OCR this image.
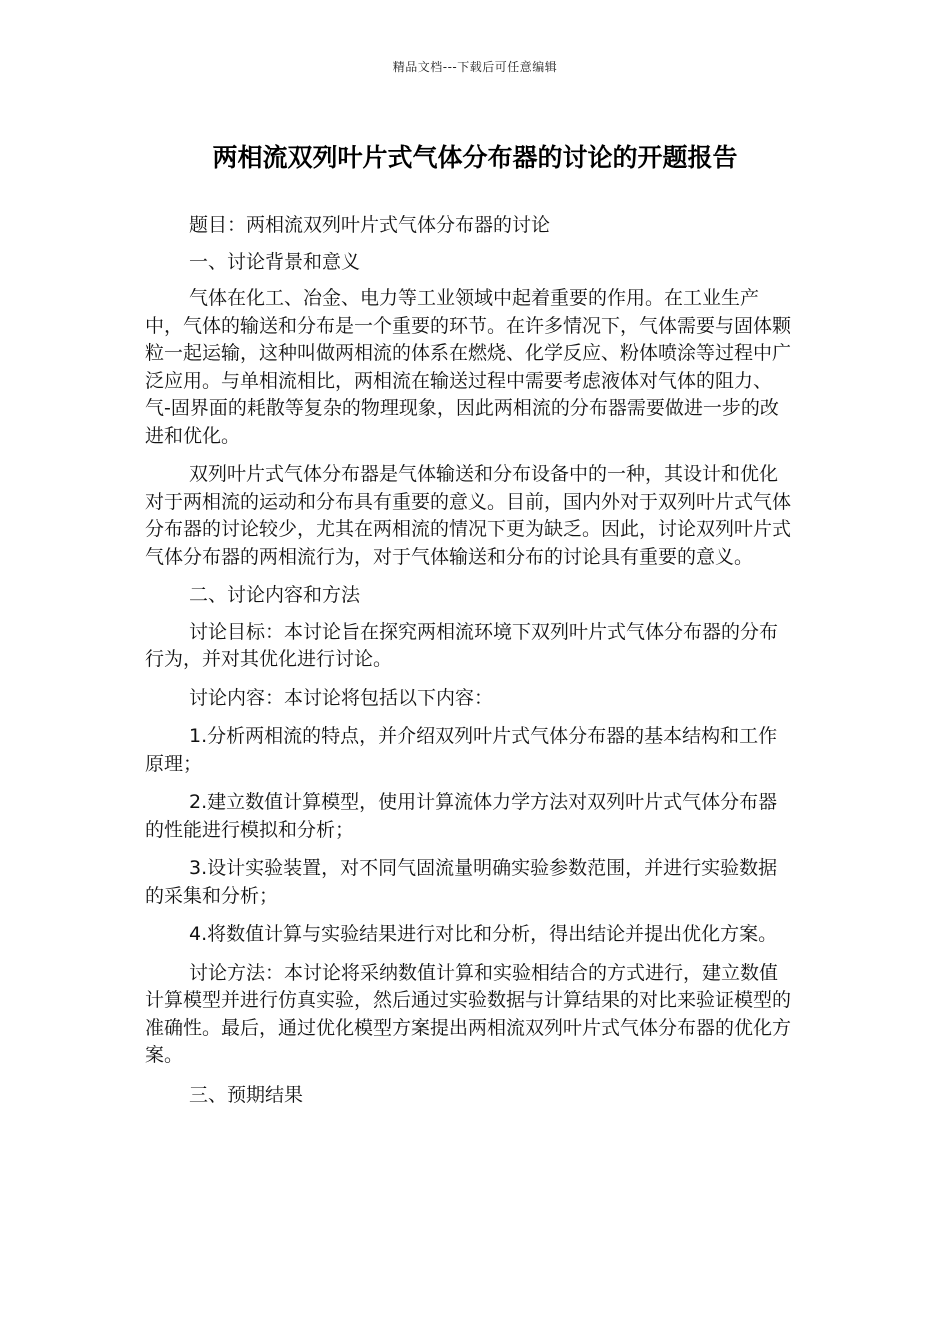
精品文档---下载后可任意编辑
两相流双列叶片式气体分布器的讨论的开题报告

题目：两相流双列叶片式气体分布器的讨论

一、讨论背景和意义

气体在化工、冶金、电力等工业领域中起着重要的作用。在工业生产中，气体的输送和分布是一个重要的环节。在许多情况下，气体需要与固体颗粒一起运输，这种叫做两相流的体系在燃烧、化学反应、粉体喷涂等过程中广泛应用。与单相流相比，两相流在输送过程中需要考虑液体对气体的阻力、气-固界面的耗散等复杂的物理现象，因此两相流的分布器需要做进一步的改进和优化。

双列叶片式气体分布器是气体输送和分布设备中的一种，其设计和优化对于两相流的运动和分布具有重要的意义。目前，国内外对于双列叶片式气体分布器的讨论较少，尤其在两相流的情况下更为缺乏。因此，讨论双列叶片式气体分布器的两相流行为，对于气体输送和分布的讨论具有重要的意义。

二、讨论内容和方法

讨论目标：本讨论旨在探究两相流环境下双列叶片式气体分布器的分布行为，并对其优化进行讨论。

讨论内容：本讨论将包括以下内容：

1.分析两相流的特点，并介绍双列叶片式气体分布器的基本结构和工作原理；

2.建立数值计算模型，使用计算流体力学方法对双列叶片式气体分布器的性能进行模拟和分析；

3.设计实验装置，对不同气固流量明确实验参数范围，并进行实验数据的采集和分析；

4.将数值计算与实验结果进行对比和分析，得出结论并提出优化方案。

讨论方法：本讨论将采纳数值计算和实验相结合的方式进行，建立数值计算模型并进行仿真实验，然后通过实验数据与计算结果的对比来验证模型的准确性。最后，通过优化模型方案提出两相流双列叶片式气体分布器的优化方案。

三、预期结果
